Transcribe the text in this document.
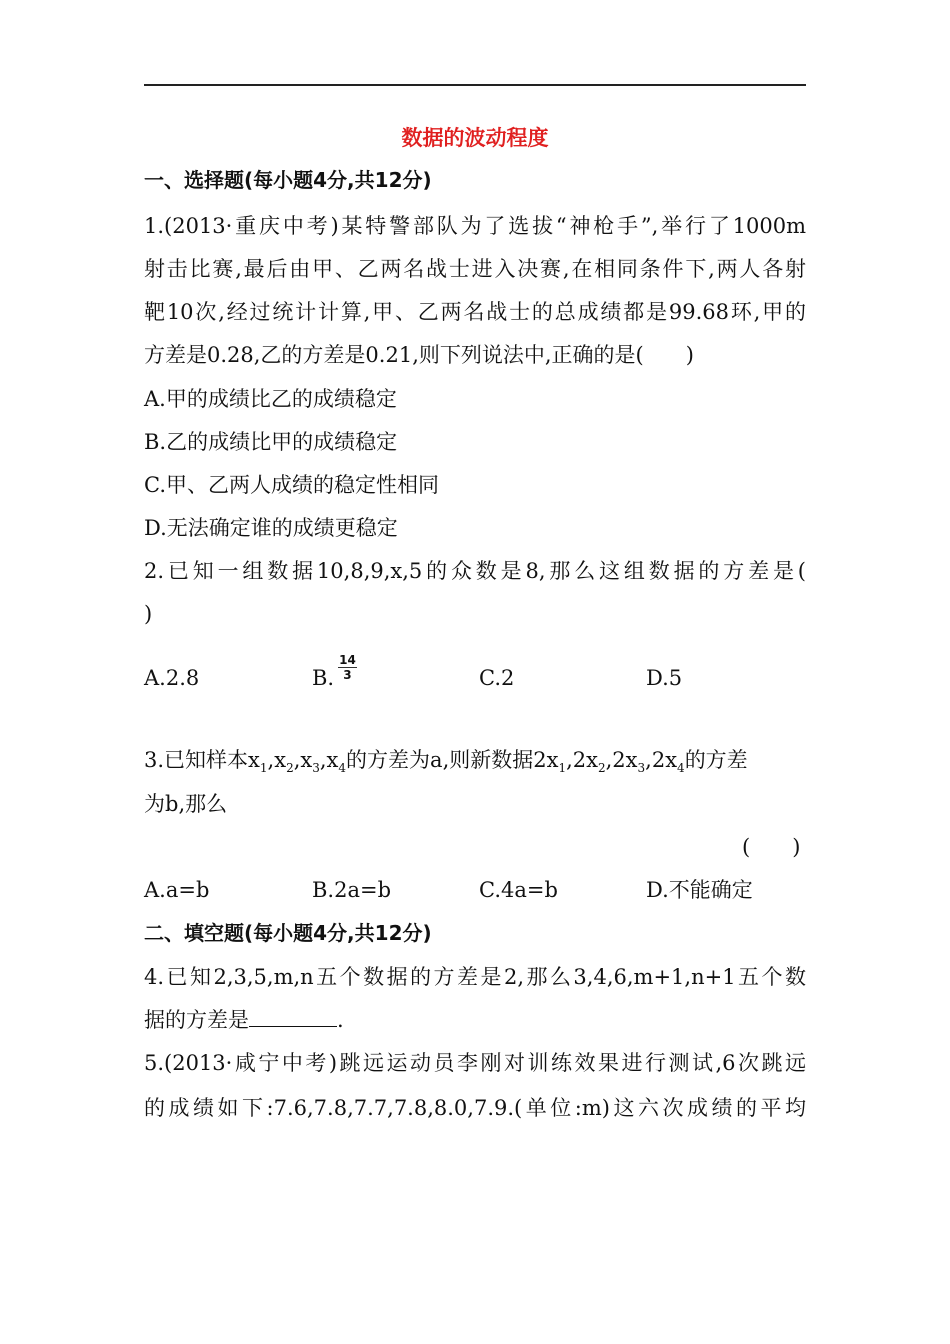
数据的波动程度
一、选择题(每小题4分,共12分)
1.(2013·重庆中考)某特警部队为了选拔“神枪手”,举行了1000m
射击比赛,最后由甲、乙两名战士进入决赛,在相同条件下,两人各射
靶10次,经过统计计算,甲、乙两名战士的总成绩都是99.68环,甲的
方差是0.28,乙的方差是0.21,则下列说法中,正确的是(　　)
A.甲的成绩比乙的成绩稳定
B.乙的成绩比甲的成绩稳定
C.甲、乙两人成绩的稳定性相同
D.无法确定谁的成绩更稳定
2.已知一组数据10,8,9,x,5的众数是8,那么这组数据的方差是(
)
A.2.8	B. $\frac{14}{3}$	C.2	D.5
3.已知样本$x_1,x_2,x_3,x_4$的方差为a,则新数据$2x_1,2x_2,2x_3,2x_4$的方差
为b,那么
(　　)
A.a=b	B.2a=b	C.4a=b	D.不能确定
二、填空题(每小题4分,共12分)
4.已知2,3,5,m,n五个数据的方差是2,那么3,4,6,m+1,n+1五个数
据的方差是	.
5.(2013·咸宁中考)跳远运动员李刚对训练效果进行测试,6次跳远
的成绩如下:7.6,7.8,7.7,7.8,8.0,7.9.(单位:m)这六次成绩的平均
